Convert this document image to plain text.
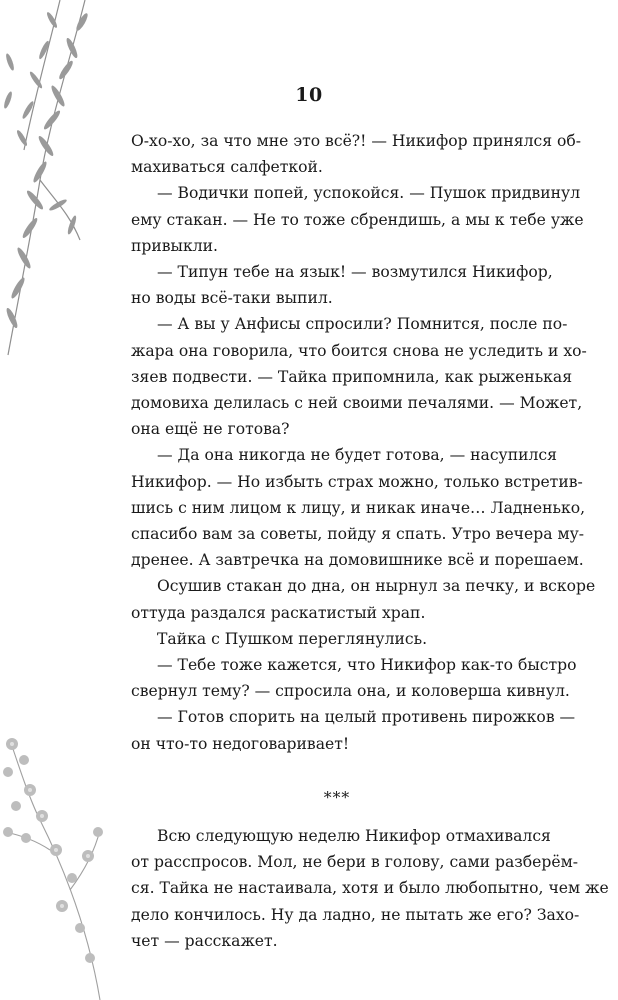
10
О-хо-хо, за что мне это всё?! — Никифор принялся об-
махиваться салфеткой.
— Водички попей, успокойся. — Пушок придвинул
ему стакан. — Не то тоже сбрендишь, а мы к тебе уже
привыкли.
— Типун тебе на язык! — возмутился Никифор,
но воды всё-таки выпил.
— А вы у Анфисы спросили? Помнится, после по-
жара она говорила, что боится снова не уследить и хо-
зяев подвести. — Тайка припомнила, как рыженькая
домовиха делилась с ней своими печалями. — Может,
она ещё не готова?
— Да она никогда не будет готова, — насупился
Никифор. — Но избыть страх можно, только встретив-
шись с ним лицом к лицу, и никак иначе… Ладненько,
спасибо вам за советы, пойду я спать. Утро вечера му-
дренее. А завтречка на домовишнике всё и порешаем.
Осушив стакан до дна, он нырнул за печку, и вскоре
оттуда раздался раскатистый храп.
Тайка с Пушком переглянулись.
— Тебе тоже кажется, что Никифор как-то быстро
свернул тему? — спросила она, и коловерша кивнул.
— Готов спорить на целый противень пирожков —
он что-то недоговаривает!
***
Всю следующую неделю Никифор отмахивался
от расспросов. Мол, не бери в голову, сами разберём-
ся. Тайка не настаивала, хотя и было любопытно, чем же
дело кончилось. Ну да ладно, не пытать же его? Захо-
чет — расскажет.
